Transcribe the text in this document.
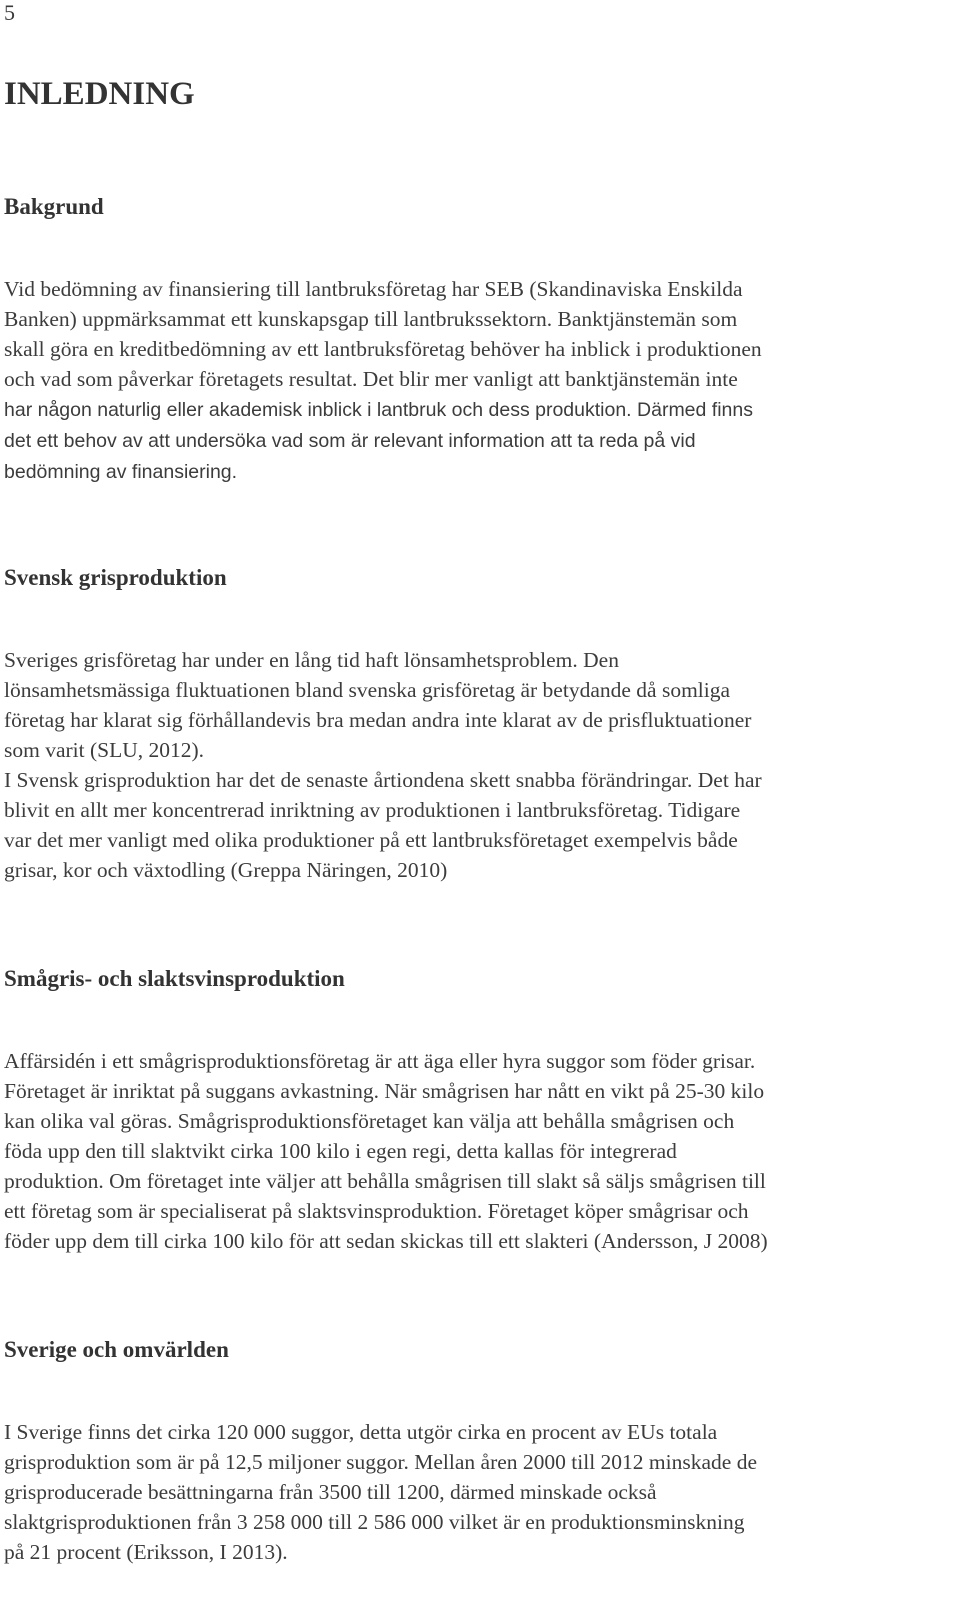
5
INLEDNING
Bakgrund

Vid bedömning av finansiering till lantbruksföretag har SEB (Skandinaviska Enskilda
Banken) uppmärksammat ett kunskapsgap till lantbrukssektorn. Banktjänstemän som
skall göra en kreditbedömning av ett lantbruksföretag behöver ha inblick i produktionen
och vad som påverkar företagets resultat. Det blir mer vanligt att banktjänstemän inte
har någon naturlig eller akademisk inblick i lantbruk och dess produktion. Därmed finns
det ett behov av att undersöka vad som är relevant information att ta reda på vid
bedömning av finansiering.

Svensk grisproduktion

Sveriges grisföretag har under en lång tid haft lönsamhetsproblem. Den
lönsamhetsmässiga fluktuationen bland svenska grisföretag är betydande då somliga
företag har klarat sig förhållandevis bra medan andra inte klarat av de prisfluktuationer
som varit (SLU, 2012).

I Svensk grisproduktion har det de senaste årtiondena skett snabba förändringar. Det har
blivit en allt mer koncentrerad inriktning av produktionen i lantbruksföretag. Tidigare
var det mer vanligt med olika produktioner på ett lantbruksföretaget exempelvis både
grisar, kor och växtodling (Greppa Näringen, 2010)

Smågris- och slaktsvinsproduktion

Affärsidén i ett smågrisproduktionsföretag är att äga eller hyra suggor som föder grisar.
Företaget är inriktat på suggans avkastning. När smågrisen har nått en vikt på 25-30 kilo
kan olika val göras. Smågrisproduktionsföretaget kan välja att behålla smågrisen och
föda upp den till slaktvikt cirka 100 kilo i egen regi, detta kallas för integrerad
produktion. Om företaget inte väljer att behålla smågrisen till slakt så säljs smågrisen till
ett företag som är specialiserat på slaktsvinsproduktion. Företaget köper smågrisar och
föder upp dem till cirka 100 kilo för att sedan skickas till ett slakteri (Andersson, J 2008)

Sverige och omvärlden

I Sverige finns det cirka 120 000 suggor, detta utgör cirka en procent av EUs totala
grisproduktion som är på 12,5 miljoner suggor. Mellan åren 2000 till 2012 minskade de
grisproducerade besättningarna från 3500 till 1200, därmed minskade också
slaktgrisproduktionen från 3 258 000 till 2 586 000 vilket är en produktionsminskning
på 21 procent (Eriksson, I 2013).
